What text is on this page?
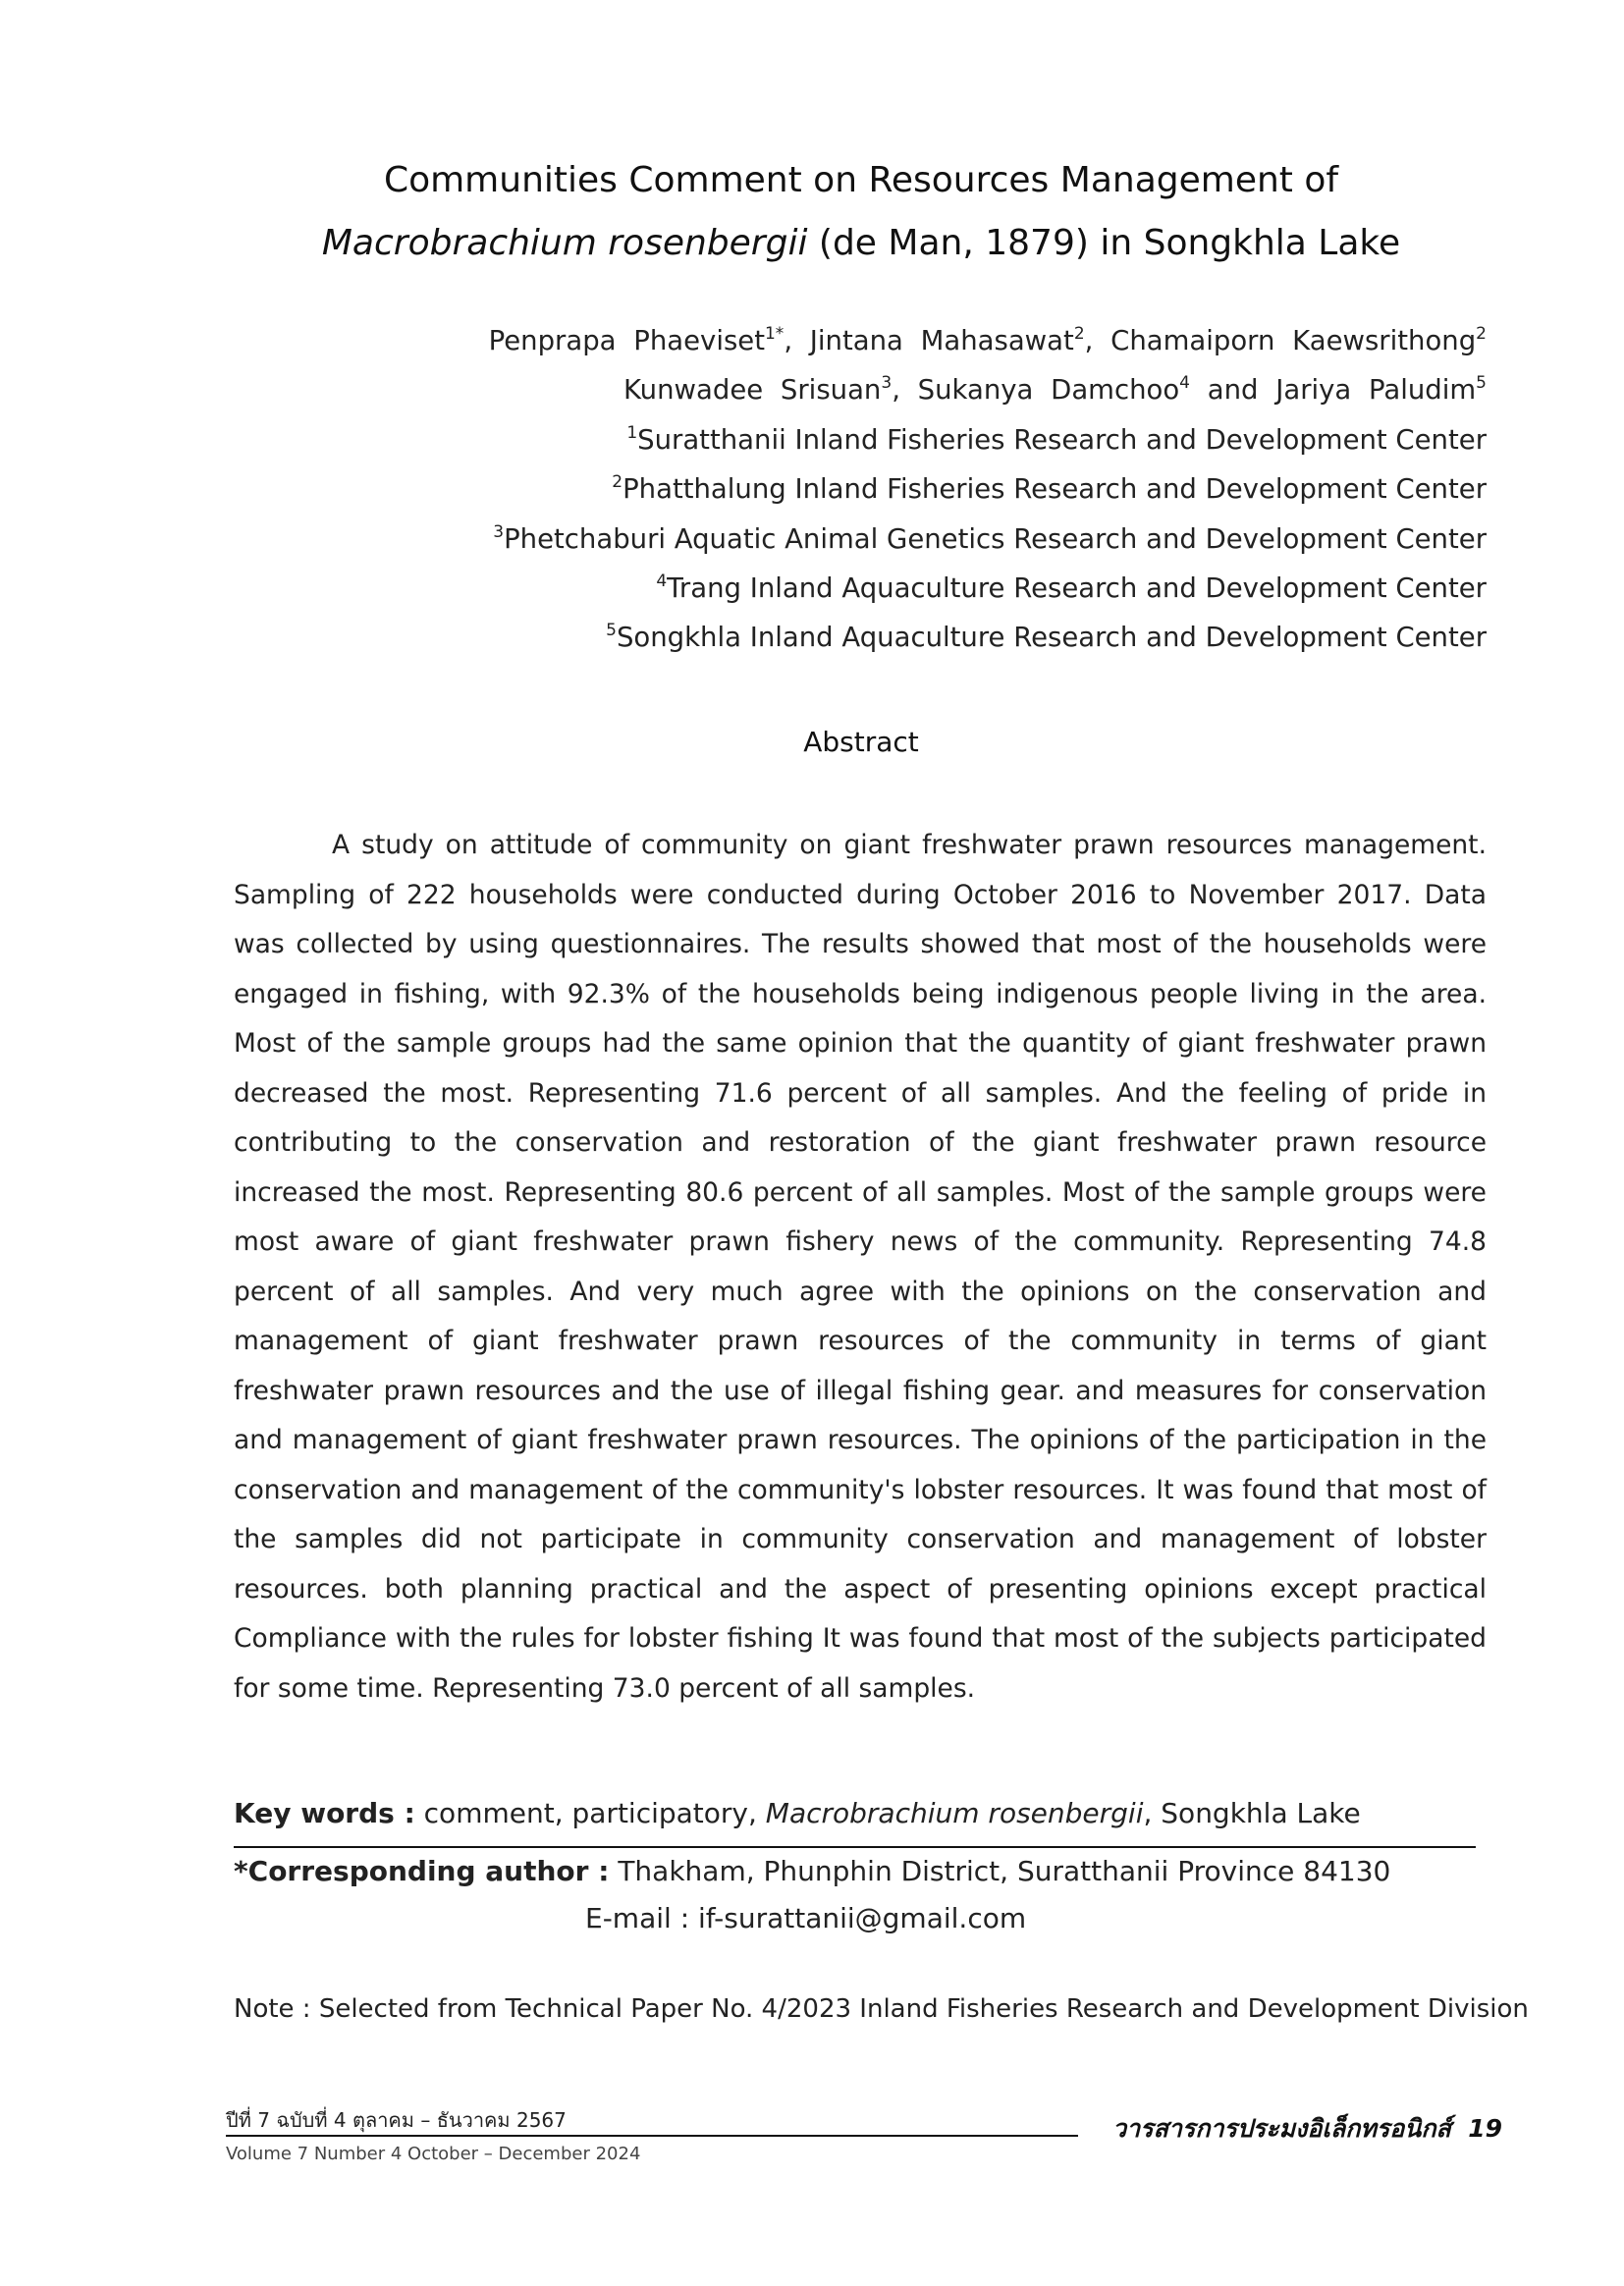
Communities Comment on Resources Management of
Macrobrachium rosenbergii (de Man, 1879) in Songkhla Lake
Penprapa Phaeviset$^{1*}$, Jintana Mahasawat$^2$, Chamaiporn Kaewsrithong$^2$
Kunwadee Srisuan$^3$, Sukanya Damchoo$^4$ and Jariya Paludim$^5$
$^1$Suratthanii Inland Fisheries Research and Development Center
$^2$Phatthalung Inland Fisheries Research and Development Center
$^3$Phetchaburi Aquatic Animal Genetics Research and Development Center
$^4$Trang Inland Aquaculture Research and Development Center
$^5$Songkhla Inland Aquaculture Research and Development Center
Abstract

A study on attitude of community on giant freshwater prawn resources management. Sampling of 222 households were conducted during October 2016 to November 2017. Data was collected by using questionnaires. The results showed that most of the households were engaged in fishing, with 92.3% of the households being indigenous people living in the area. Most of the sample groups had the same opinion that the quantity of giant freshwater prawn decreased the most. Representing 71.6 percent of all samples. And the feeling of pride in contributing to the conservation and restoration of the giant freshwater prawn resource increased the most. Representing 80.6 percent of all samples. Most of the sample groups were most aware of giant freshwater prawn fishery news of the community. Representing 74.8 percent of all samples. And very much agree with the opinions on the conservation and management of giant freshwater prawn resources of the community in terms of giant freshwater prawn resources and the use of illegal fishing gear. and measures for conservation and management of giant freshwater prawn resources. The opinions of the participation in the conservation and management of the community's lobster resources. It was found that most of the samples did not participate in community conservation and management of lobster resources. both planning practical and the aspect of presenting opinions except practical Compliance with the rules for lobster fishing It was found that most of the subjects participated for some time. Representing 73.0 percent of all samples.

Key words : comment, participatory, Macrobrachium rosenbergii, Songkhla Lake
*Corresponding author : Thakham, Phunphin District, Suratthanii Province 84130
E-mail : if-surattanii@gmail.com
Note : Selected from Technical Paper No. 4/2023 Inland Fisheries Research and Development Division
ปีที่ 7 ฉบับที่ 4 ตุลาคม – ธันวาคม 2567	วารสารการประมงอิเล็กทรอนิกส์ 19
Volume 7 Number 4 October – December 2024
